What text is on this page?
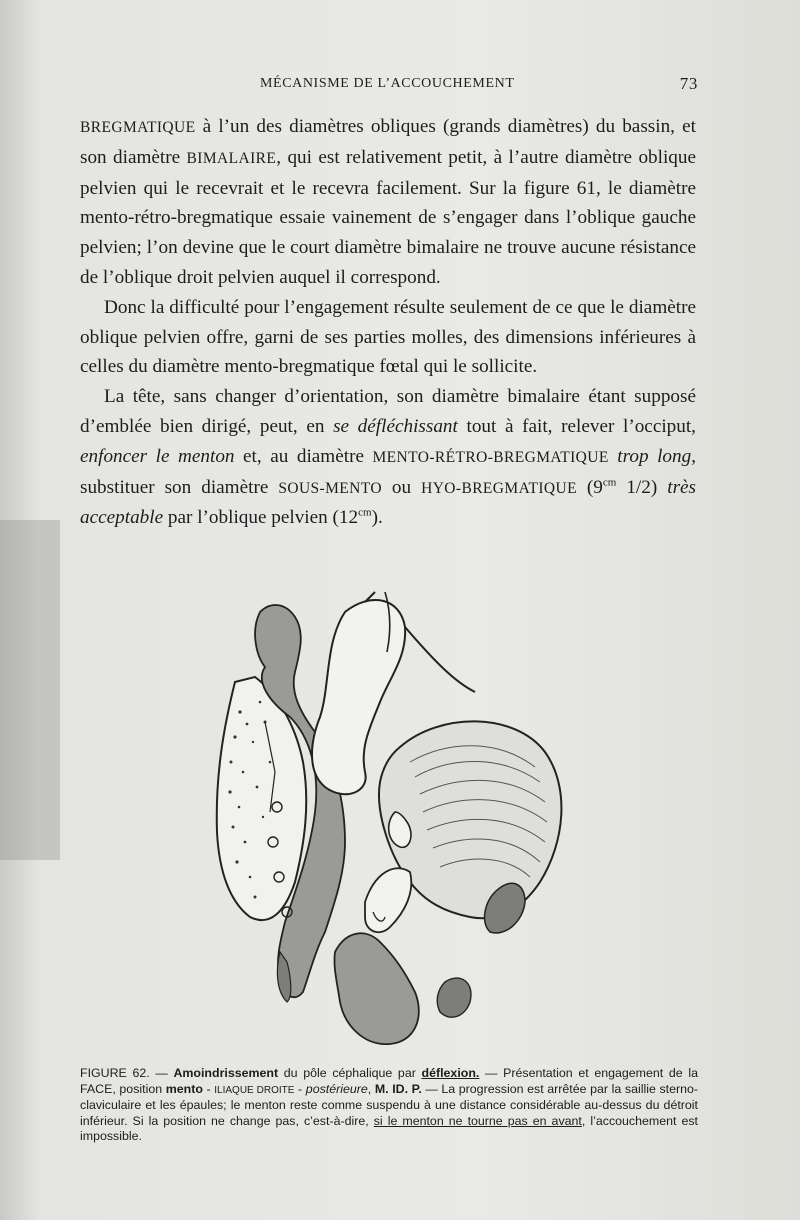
MÉCANISME DE L’ACCOUCHEMENT	73

BREGMATIQUE à l’un des diamètres obliques (grands diamètres) du bassin, et son diamètre BIMALAIRE, qui est relativement petit, à l’autre diamètre oblique pelvien qui le recevrait et le recevra facilement. Sur la figure 61, le diamètre mento-rétro-bregmatique essaie vainement de s’engager dans l’oblique gauche pelvien; l’on devine que le court diamètre bimalaire ne trouve aucune résistance de l’oblique droit pelvien auquel il correspond.

Donc la difficulté pour l’engagement résulte seulement de ce que le diamètre oblique pelvien offre, garni de ses parties molles, des dimensions inférieures à celles du diamètre mento-bregmatique fœtal qui le sollicite.

La tête, sans changer d’orientation, son diamètre bimalaire étant supposé d’emblée bien dirigé, peut, en se défléchissant tout à fait, relever l’occiput, enfoncer le menton et, au diamètre MENTO-RÉTRO-BREGMATIQUE trop long, substituer son diamètre SOUS-MENTO ou HYO-BREGMATIQUE ($9^{cm}$ 1/2) très acceptable par l’oblique pelvien $(12^{cm})$.

FIGURE 62. — Amoindrissement du pôle céphalique par déflexion. — Présentation et engagement de la FACE, position mento - ILIAQUE DROITE - postérieure, M. ID. P. — La progression est arrêtée par la saillie sterno-claviculaire et les épaules; le menton reste comme suspendu à une distance considérable au-dessus du détroit inférieur. Si la position ne change pas, c’est-à-dire, si le menton ne tourne pas en avant, l’accouchement est impossible.
